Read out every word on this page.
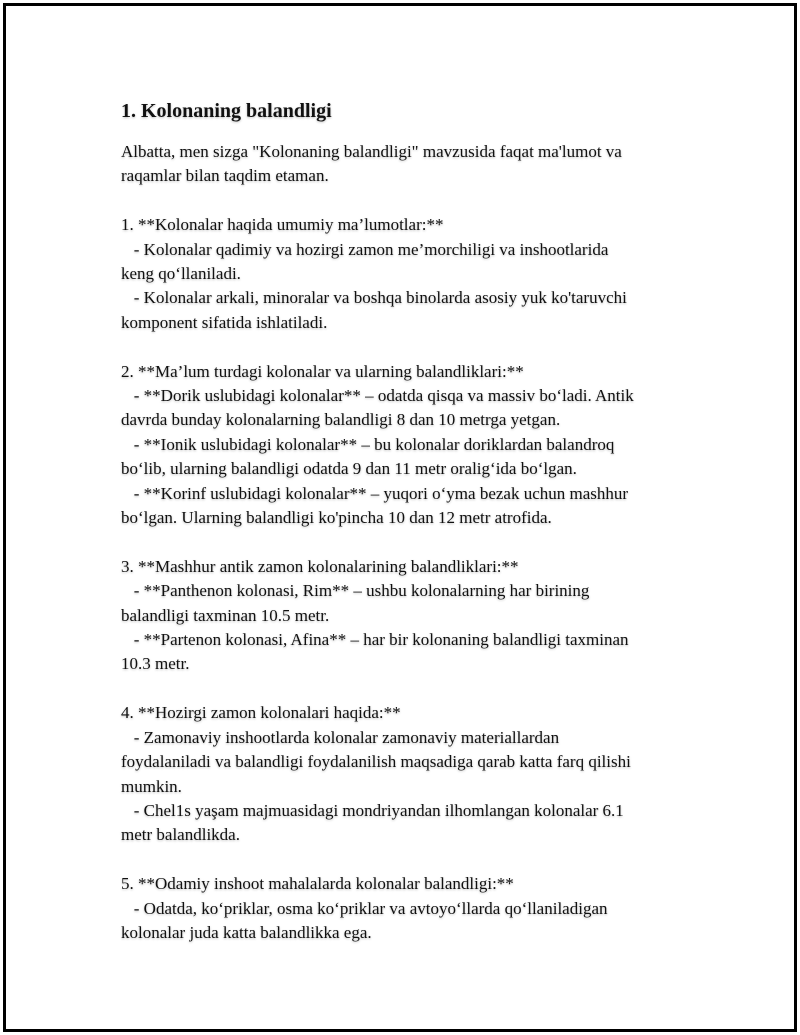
1. Kolonaning balandligi
Albatta, men sizga "Kolonaning balandligi" mavzusida faqat ma'lumot va
raqamlar bilan taqdim etaman.
1. **Kolonalar haqida umumiy ma’lumotlar:**
- Kolonalar qadimiy va hozirgi zamon me’morchiligi va inshootlarida
keng qo‘llaniladi.
- Kolonalar arkali, minoralar va boshqa binolarda asosiy yuk ko'taruvchi
komponent sifatida ishlatiladi.
2. **Ma’lum turdagi kolonalar va ularning balandliklari:**
- **Dorik uslubidagi kolonalar** – odatda qisqa va massiv bo‘ladi. Antik
davrda bunday kolonalarning balandligi 8 dan 10 metrga yetgan.
- **Ionik uslubidagi kolonalar** – bu kolonalar doriklardan balandroq
bo‘lib, ularning balandligi odatda 9 dan 11 metr oralig‘ida bo‘lgan.
- **Korinf uslubidagi kolonalar** – yuqori o‘yma bezak uchun mashhur
bo‘lgan. Ularning balandligi ko'pincha 10 dan 12 metr atrofida.
3. **Mashhur antik zamon kolonalarining balandliklari:**
- **Panthenon kolonasi, Rim** – ushbu kolonalarning har birining
balandligi taxminan 10.5 metr.
- **Partenon kolonasi, Afina** – har bir kolonaning balandligi taxminan
10.3 metr.
4. **Hozirgi zamon kolonalari haqida:**
- Zamonaviy inshootlarda kolonalar zamonaviy materiallardan
foydalaniladi va balandligi foydalanilish maqsadiga qarab katta farq qilishi
mumkin.
- Chel1s yaşam majmuasidagi mondriyandan ilhomlangan kolonalar 6.1
metr balandlikda.
5. **Odamiy inshoot mahalalarda kolonalar balandligi:**
- Odatda, ko‘priklar, osma ko‘priklar va avtoyo‘llarda qo‘llaniladigan
kolonalar juda katta balandlikka ega.
